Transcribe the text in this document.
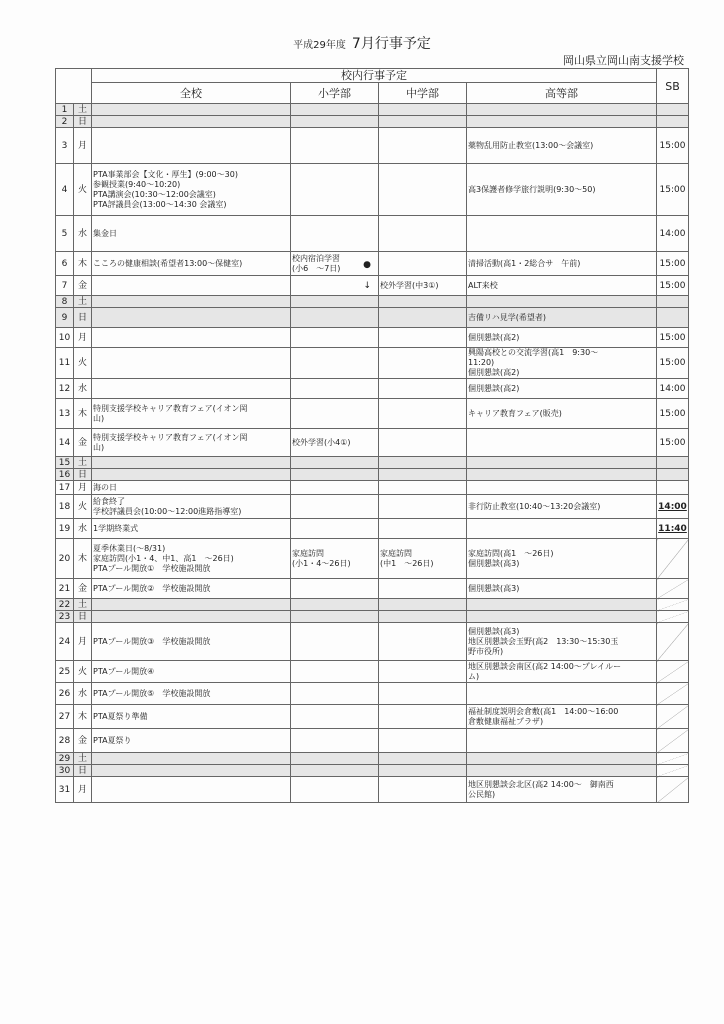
平成29年度 7月行事予定
岡山県立岡山南支援学校
		校内行事予定				SB
		全校	小学部	中学部	高等部	
1	土					
2	日					
3	月				薬物乱用防止教室(13:00～会議室)	15:00
4	火	PTA事業部会【文化・厚生】(9:00～30)
参観授業(9:40～10:20)
PTA講演会(10:30～12:00会議室)
PTA評議員会(13:00～14:30 会議室)			高3保護者修学旅行説明(9:30～50)	15:00
5	水	集金日				14:00
6	木	こころの健康相談(希望者13:00～保健室)	校内宿泊学習
(小6　～7日) ●		清掃活動(高1・2総合サ　午前)	15:00
7	金		↓	校外学習(中3①)	ALT来校	15:00
8	土					
9	日				吉備リハ見学(希望者)	

10	月				個別懇談(高2)	15:00
11	火				興陽高校との交流学習(高1　9:30～
11:20)
個別懇談(高2)	15:00
12	水				個別懇談(高2)	14:00
13	木	特別支援学校キャリア教育フェア(イオン岡
山)			キャリア教育フェア(販売)	15:00
14	金	特別支援学校キャリア教育フェア(イオン岡
山)	校外学習(小4①)			15:00
15	土					
16	日					
17	月	海の日				

18	火	給食終了
学校評議員会(10:00～12:00進路指導室)			非行防止教室(10:40～13:20会議室)	14:00
19	水	1学期終業式				11:40
20	木	夏季休業日(～8/31)
家庭訪問(小1・4、中1、高1　～26日)
PTAプール開放①　学校施設開放	家庭訪問
(小1・4～26日)	家庭訪問
(中1　～26日)	家庭訪問(高1　～26日)
個別懇談(高3)	

21	金	PTAプール開放②　学校施設開放			個別懇談(高3)	

22	土					
23	日					
24	月	PTAプール開放③　学校施設開放			個別懇談(高3)
地区別懇談会玉野(高2　13:30～15:30玉
野市役所)	

25	火	PTAプール開放④			地区別懇談会南区(高2 14:00～プレイルー
ム)	

26	水	PTAプール開放⑤　学校施設開放				

27	木	PTA夏祭り準備			福祉制度説明会倉敷(高1　14:00～16:00
倉敷健康福祉プラザ)	

28	金	PTA夏祭り				

29	土					
30	日					
31	月				地区別懇談会北区(高2 14:00～　御南西
公民館)	
